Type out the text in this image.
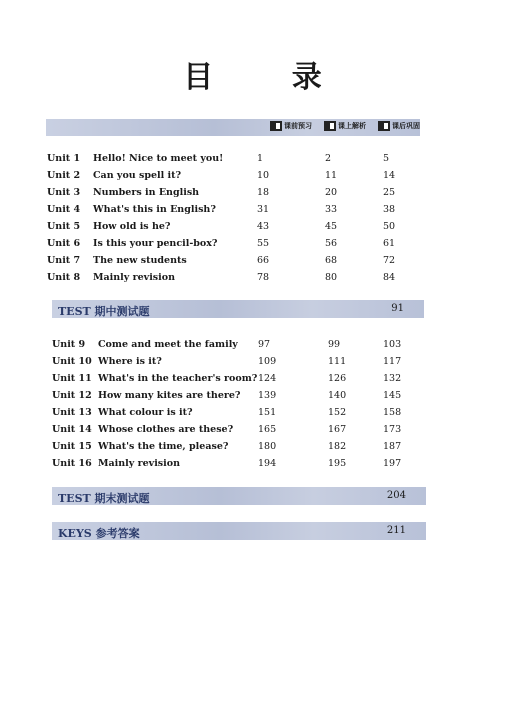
目 录
课前预习	课上解析	课后巩固
Unit 1 Hello! Nice to meet you!	1	2	5
Unit 2 Can you spell it?	10	11	14
Unit 3 Numbers in English	18	20	25
Unit 4 What's this in English?	31	33	38
Unit 5 How old is he?	43	45	50
Unit 6 Is this your pencil-box?	55	56	61
Unit 7 The new students	66	68	72
Unit 8 Mainly revision	78	80	84
TEST 期中测试题	91
Unit 9 Come and meet the family 97	99	103
Unit 10 Where is it?	109	111	117
Unit 11 What's in the teacher's room? 124	126	132
Unit 12 How many kites are there? 139	140	145
Unit 13 What colour is it?	151	152	158
Unit 14 Whose clothes are these?	165	167	173
Unit 15 What's the time, please?	180	182	187
Unit 16 Mainly revision	194	195	197
TEST 期末测试题	204
KEYS 参考答案	211
